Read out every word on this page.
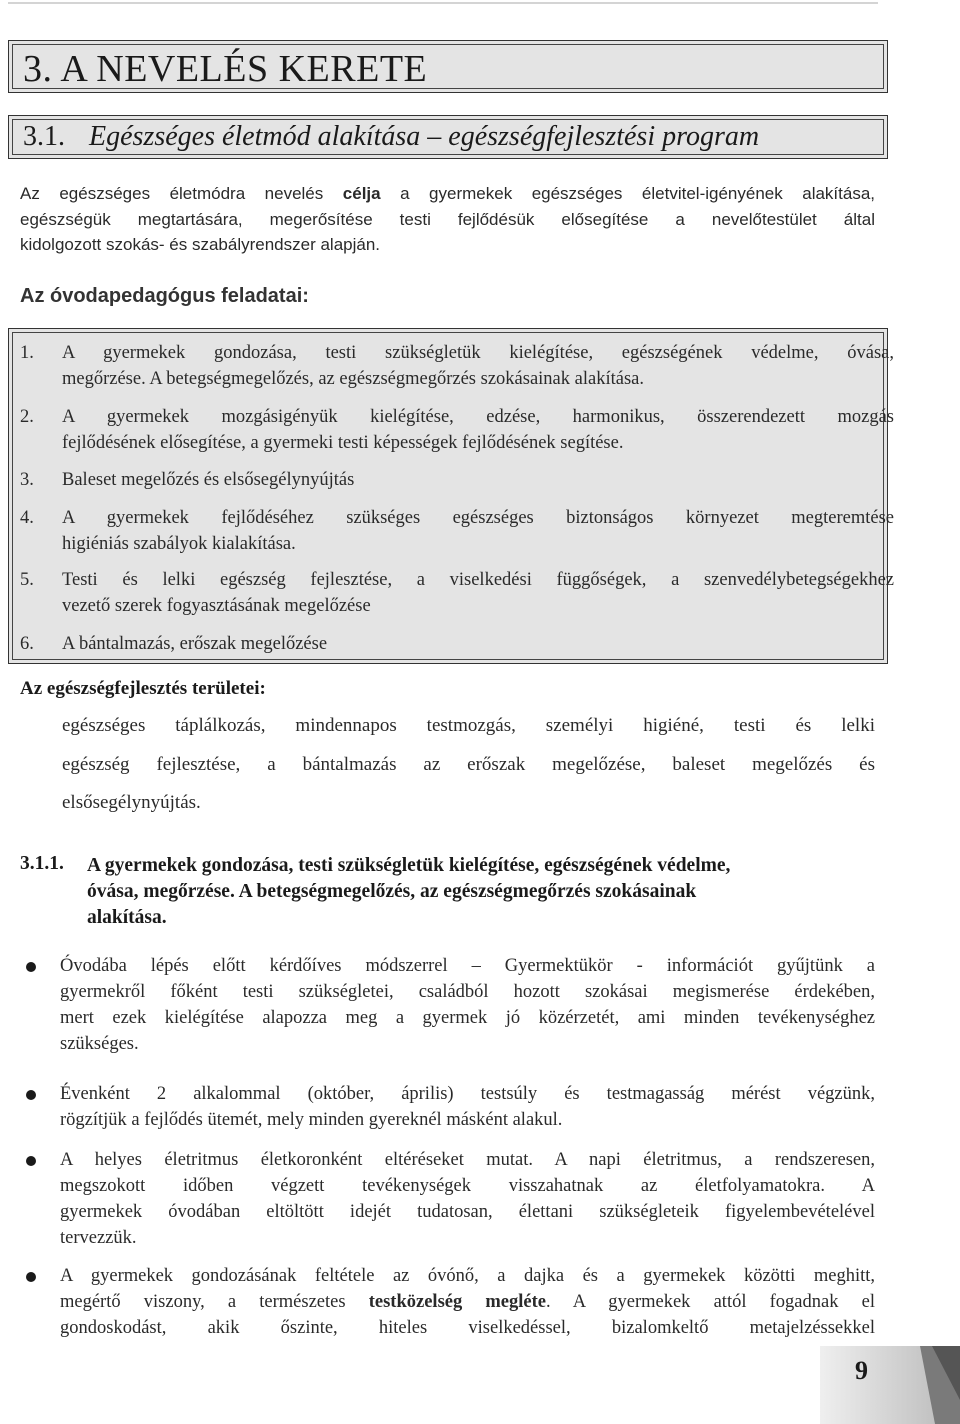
3. A NEVELÉS KERETE
3.1. Egészséges életmód alakítása – egészségfejlesztési program
Az egészséges életmódra nevelés célja a gyermekek egészséges életvitel-igényének alakítása,
egészségük megtartására, megerősítése testi fejlődésük elősegítése a nevelőtestület által
kidolgozott szokás- és szabályrendszer alapján.
Az óvodapedagógus feladatai:
1. A gyermekek gondozása, testi szükségletük kielégítése, egészségének védelme, óvása,
megőrzése. A betegségmegelőzés, az egészségmegőrzés szokásainak alakítása.
2. A gyermekek mozgásigényük kielégítése, edzése, harmonikus, összerendezett mozgás
fejlődésének elősegítése, a gyermeki testi képességek fejlődésének segítése.
3. Baleset megelőzés és elsősegélynyújtás
4. A gyermekek fejlődéséhez szükséges egészséges biztonságos környezet megteremtése
higiéniás szabályok kialakítása.
5. Testi és lelki egészség fejlesztése, a viselkedési függőségek, a szenvedélybetegségekhez
vezető szerek fogyasztásának megelőzése
6. A bántalmazás, erőszak megelőzése
Az egészségfejlesztés területei:
egészséges táplálkozás, mindennapos testmozgás, személyi higiéné, testi és lelki
egészség fejlesztése, a bántalmazás az erőszak megelőzése, baleset megelőzés és
elsősegélynyújtás.
3.1.1. A gyermekek gondozása, testi szükségletük kielégítése, egészségének védelme,
óvása, megőrzése. A betegségmegelőzés, az egészségmegőrzés szokásainak
alakítása.
Óvodába lépés előtt kérdőíves módszerrel – Gyermektükör - információt gyűjtünk a
gyermekről főként testi szükségletei, családból hozott szokásai megismerése érdekében,
mert ezek kielégítése alapozza meg a gyermek jó közérzetét, ami minden tevékenységhez
szükséges.
Évenként 2 alkalommal (október, április) testsúly és testmagasság mérést végzünk,
rögzítjük a fejlődés ütemét, mely minden gyereknél másként alakul.
A helyes életritmus életkoronként eltéréseket mutat. A napi életritmus, a rendszeresen,
megszokott időben végzett tevékenységek visszahatnak az életfolyamatokra. A
gyermekek óvodában eltöltött idejét tudatosan, élettani szükségleteik figyelembevételével
tervezzük.
A gyermekek gondozásának feltétele az óvónő, a dajka és a gyermekek közötti meghitt,
megértő viszony, a természetes testközelség megléte. A gyermekek attól fogadnak el
gondoskodást, akik őszinte, hiteles viselkedéssel, bizalomkeltő metajelzéssekkel
9
